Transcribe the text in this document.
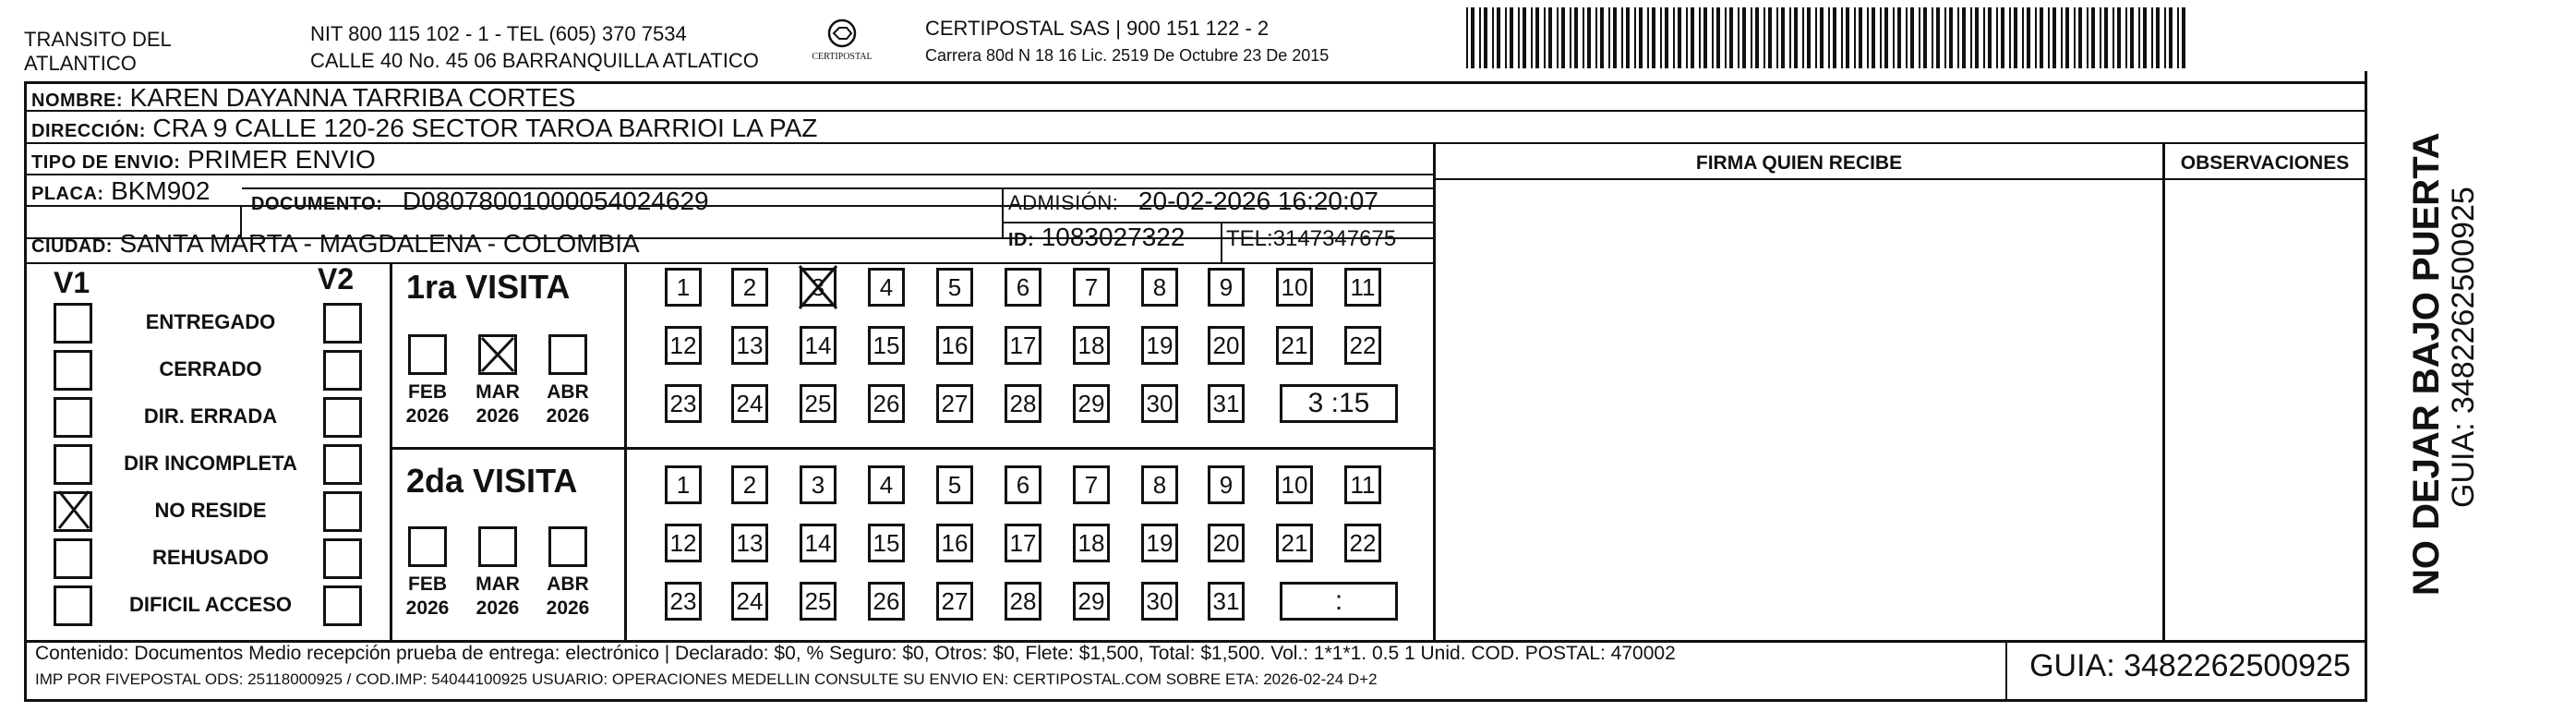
TRANSITO DEL
ATLANTICO
NIT 800 115 102 - 1 - TEL (605) 370 7534
CALLE 40 No. 45 06 BARRANQUILLA ATLATICO	CERTIPOSTAL
CERTIPOSTAL SAS | 900 151 122 - 2
Carrera 80d N 18 16 Lic. 2519 De Octubre 23 De 2015
NOMBRE: KAREN DAYANNA TARRIBA CORTES
DIRECCIÓN: CRA 9 CALLE 120-26 SECTOR TAROA BARRIOI LA PAZ
TIPO DE ENVIO: PRIMER ENVIO	FIRMA QUIEN RECIBE	OBSERVACIONES
PLACA: BKM902 DOCUMENTO: D08078001000054024629	ADMISIÓN: 20-02-2026 16:20:07
CIUDAD: SANTA MARTA - MAGDALENA - COLOMBIA	ID: 1083027322 TEL:3147347675
V1	V2
ENTREGADO
CERRADO
DIR. ERRADA
DIR INCOMPLETA
NO RESIDE
REHUSADO
DIFICIL ACCESO
1ra VISITA
FEB
2026
MAR
2026
ABR
2026
1	2	3	4	5	6	7	8	9	10 11
12 13 14 15 16 17 18 19 20 21 22
23 24 25 26 27 28 29 30 31	3 :15
2da VISITA
FEB
2026
MAR
2026
ABR
2026
1	2	3	4	5	6	7	8	9	10 11
12 13 14 15 16 17 18 19 20 21 22
23 24 25 26 27 28 29 30 31	:
Contenido: Documentos Medio recepción prueba de entrega: electrónico | Declarado: $0, % Seguro: $0, Otros: $0, Flete: $1,500, Total: $1,500. Vol.: 1*1*1. 0.5 1 Unid. COD. POSTAL: 470002
IMP POR FIVEPOSTAL ODS: 25118000925 / COD.IMP: 54044100925 USUARIO: OPERACIONES MEDELLIN CONSULTE SU ENVIO EN: CERTIPOSTAL.COM SOBRE ETA: 2026-02-24 D+2	GUIA: 3482262500925
NO DEJAR BAJO PUERTA GUIA: 3482262500925
